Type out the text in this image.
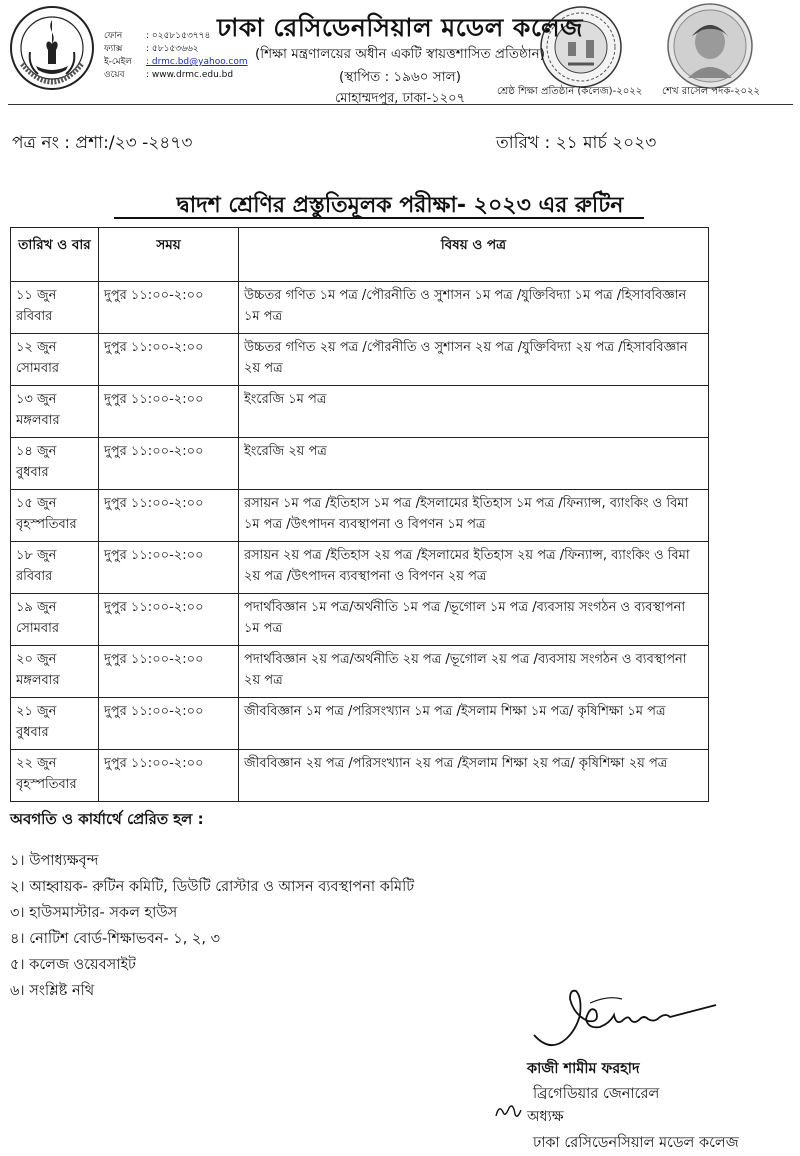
ঢাকা রেসিডেনসিয়াল মডেল কলেজ
(শিক্ষা মন্ত্রণালয়ের অধীন একটি স্বায়ত্তশাসিত প্রতিষ্ঠান)
(স্থাপিত : ১৯৬০ সাল)
মোহাম্মদপুর, ঢাকা-১২০৭
ফোন	: ০২৫৮১৫৩৭৭৪
ফ্যাক্স	: ৫৮১৫৩৬৬২
ই-মেইল	: drmc.bd@yahoo.com
ওয়েব	: www.drmc.edu.bd
শ্রেষ্ঠ শিক্ষা প্রতিষ্ঠান (কলেজ)-২০২২ শেখ রাসেল পদক-২০২২
পত্র নং : প্রশা:/২৩ -২৪৭৩	তারিখ : ২১ মার্চ ২০২৩
দ্বাদশ শ্রেণির প্রস্তুতিমূলক পরীক্ষা- ২০২৩ এর রুটিন
তারিখ ও বার	সময়	বিষয় ও পত্র

১১ জুন
রবিবার	দুপুর ১১:০০-২:০০	উচ্চতর গণিত ১ম পত্র /পৌরনীতি ও সুশাসন ১ম পত্র /যুক্তিবিদ্যা ১ম পত্র /হিসাববিজ্ঞান ১ম পত্র

১২ জুন
সোমবার	দুপুর ১১:০০-২:০০	উচ্চতর গণিত ২য় পত্র /পৌরনীতি ও সুশাসন ২য় পত্র /যুক্তিবিদ্যা ২য় পত্র /হিসাববিজ্ঞান ২য় পত্র

১৩ জুন
মঙ্গলবার	দুপুর ১১:০০-২:০০	ইংরেজি ১ম পত্র

১৪ জুন
বুধবার	দুপুর ১১:০০-২:০০	ইংরেজি ২য় পত্র

১৫ জুন
বৃহস্পতিবার	দুপুর ১১:০০-২:০০	রসায়ন ১ম পত্র /ইতিহাস ১ম পত্র /ইসলামের ইতিহাস ১ম পত্র /ফিন্যান্স, ব্যাংকিং ও বিমা ১ম পত্র /উৎপাদন ব্যবস্থাপনা ও বিপণন ১ম পত্র

১৮ জুন
রবিবার	দুপুর ১১:০০-২:০০	রসায়ন ২য় পত্র /ইতিহাস ২য় পত্র /ইসলামের ইতিহাস ২য় পত্র /ফিন্যান্স, ব্যাংকিং ও বিমা ২য় পত্র /উৎপাদন ব্যবস্থাপনা ও বিপণন ২য় পত্র

১৯ জুন
সোমবার	দুপুর ১১:০০-২:০০	পদার্থবিজ্ঞান ১ম পত্র/অর্থনীতি ১ম পত্র /ভূগোল ১ম পত্র /ব্যবসায় সংগঠন ও ব্যবস্থাপনা ১ম পত্র

২০ জুন
মঙ্গলবার	দুপুর ১১:০০-২:০০	পদার্থবিজ্ঞান ২য় পত্র/অর্থনীতি ২য় পত্র /ভূগোল ২য় পত্র /ব্যবসায় সংগঠন ও ব্যবস্থাপনা ২য় পত্র

২১ জুন
বুধবার	দুপুর ১১:০০-২:০০	জীববিজ্ঞান ১ম পত্র /পরিসংখ্যান ১ম পত্র /ইসলাম শিক্ষা ১ম পত্র/ কৃষিশিক্ষা ১ম পত্র

২২ জুন
বৃহস্পতিবার	দুপুর ১১:০০-২:০০	জীববিজ্ঞান ২য় পত্র /পরিসংখ্যান ২য় পত্র /ইসলাম শিক্ষা ২য় পত্র/ কৃষিশিক্ষা ২য় পত্র
অবগতি ও কার্যার্থে প্রেরিত হল :
১। উপাধ্যক্ষবৃন্দ
২। আহ্বায়ক- রুটিন কমিটি, ডিউটি রোস্টার ও আসন ব্যবস্থাপনা কমিটি
৩। হাউসমাস্টার- সকল হাউস
৪। নোটিশ বোর্ড-শিক্ষাভবন- ১, ২, ৩
৫। কলেজ ওয়েবসাইট
৬। সংশ্লিষ্ট নথি
কাজী শামীম ফরহাদ
ব্রিগেডিয়ার জেনারেল
অধ্যক্ষ
ঢাকা রেসিডেনসিয়াল মডেল কলেজ
